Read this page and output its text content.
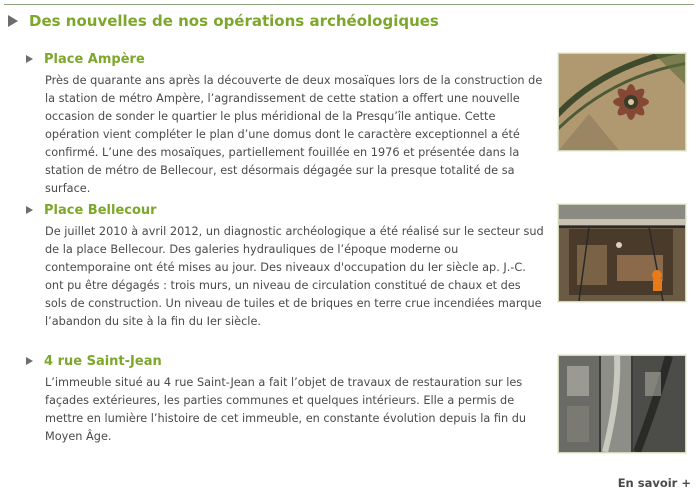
Des nouvelles de nos opérations archéologiques
Place Ampère
Près de quarante ans après la découverte de deux mosaïques lors de la construction de la station de métro Ampère, l’agrandissement de cette station a offert une nouvelle occasion de sonder le quartier le plus méridional de la Presqu’île antique. Cette opération vient compléter le plan d’une domus dont le caractère exceptionnel a été confirmé. L’une des mosaïques, partiellement fouillée en 1976 et présentée dans la station de métro de Bellecour, est désormais dégagée sur la presque totalité de sa surface.
Place Bellecour
De juillet 2010 à avril 2012, un diagnostic archéologique a été réalisé sur le secteur sud de la place Bellecour. Des galeries hydrauliques de l’époque moderne ou contemporaine ont été mises au jour. Des niveaux d'occupation du Ier siècle ap. J.-C. ont pu être dégagés : trois murs, un niveau de circulation constitué de chaux et des sols de construction. Un niveau de tuiles et de briques en terre crue incendiées marque l’abandon du site à la fin du Ier siècle.
4 rue Saint-Jean
L’immeuble situé au 4 rue Saint-Jean a fait l’objet de travaux de restauration sur les façades extérieures, les parties communes et quelques intérieurs. Elle a permis de mettre en lumière l’histoire de cet immeuble, en constante évolution depuis la fin du Moyen Âge.
En savoir +
